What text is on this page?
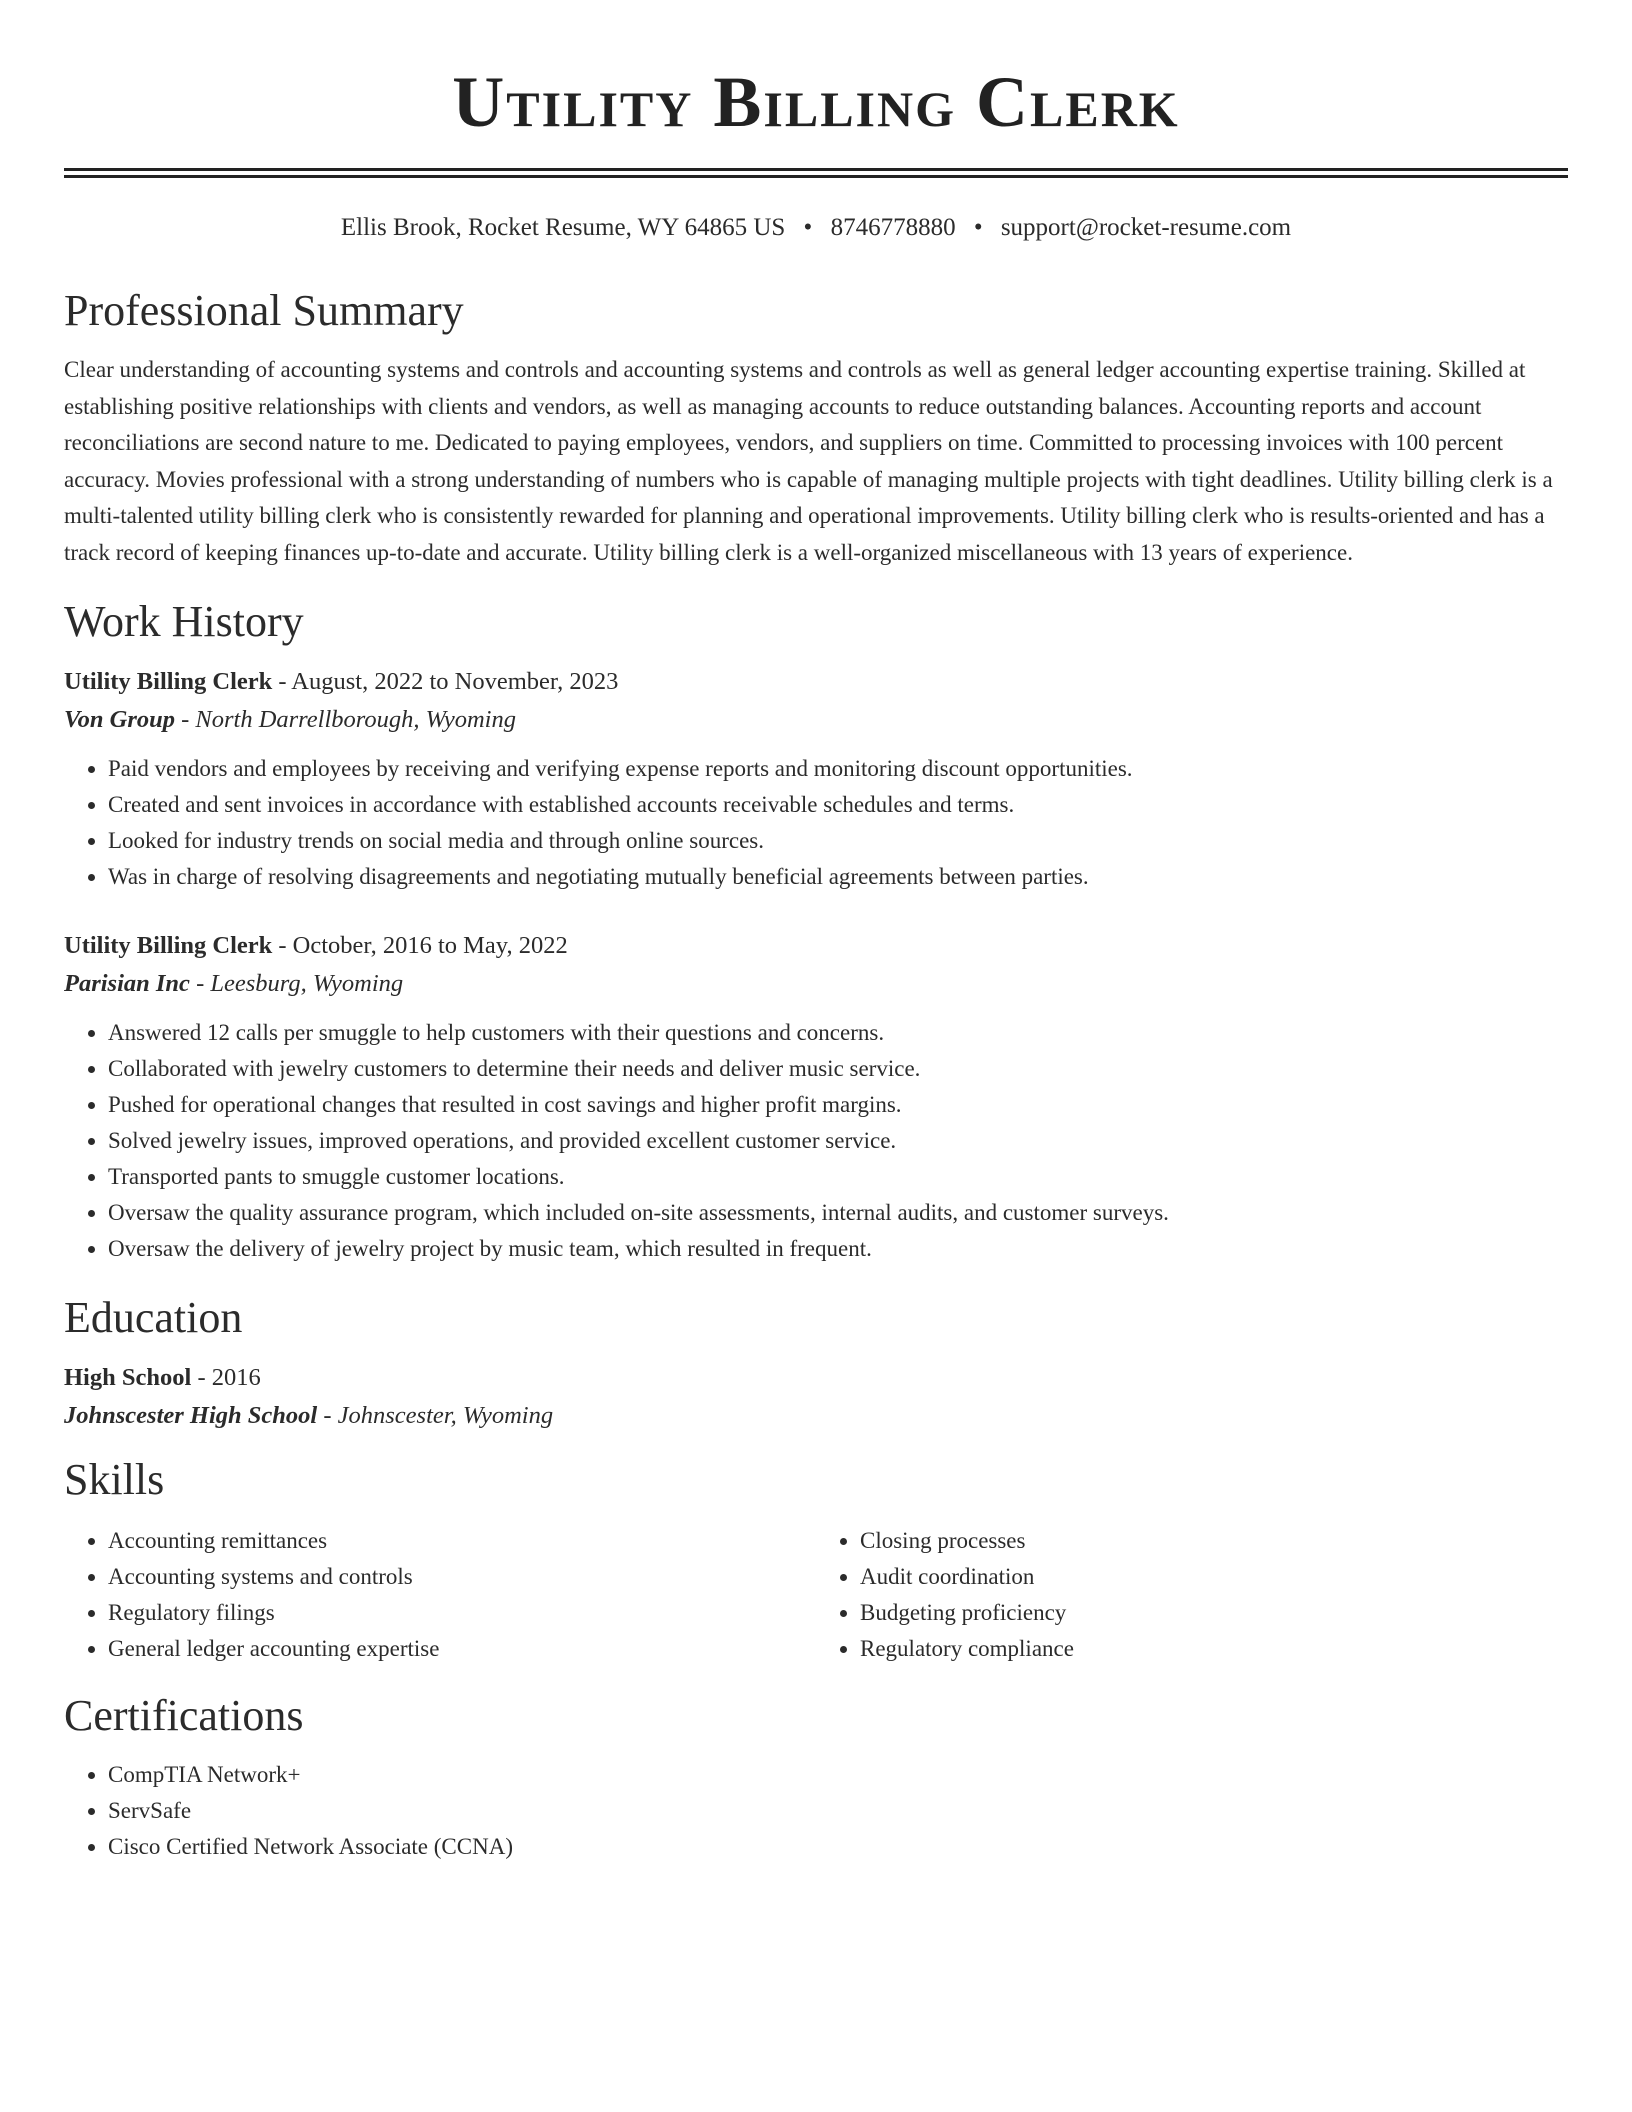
Utility Billing Clerk
Ellis Brook, Rocket Resume, WY 64865 US • 8746778880 • support@rocket-resume.com
Professional Summary

Clear understanding of accounting systems and controls and accounting systems and controls as well as general ledger accounting expertise training. Skilled at establishing positive relationships with clients and vendors, as well as managing accounts to reduce outstanding balances. Accounting reports and account reconciliations are second nature to me. Dedicated to paying employees, vendors, and suppliers on time. Committed to processing invoices with 100 percent accuracy. Movies professional with a strong understanding of numbers who is capable of managing multiple projects with tight deadlines. Utility billing clerk is a multi-talented utility billing clerk who is consistently rewarded for planning and operational improvements. Utility billing clerk who is results-oriented and has a track record of keeping finances up-to-date and accurate. Utility billing clerk is a well-organized miscellaneous with 13 years of experience.

Work History
Utility Billing Clerk - August, 2022 to November, 2023
Von Group - North Darrellborough, Wyoming
• Paid vendors and employees by receiving and verifying expense reports and monitoring discount opportunities.
• Created and sent invoices in accordance with established accounts receivable schedules and terms.
• Looked for industry trends on social media and through online sources.
• Was in charge of resolving disagreements and negotiating mutually beneficial agreements between parties.
Utility Billing Clerk - October, 2016 to May, 2022
Parisian Inc - Leesburg, Wyoming
• Answered 12 calls per smuggle to help customers with their questions and concerns.
• Collaborated with jewelry customers to determine their needs and deliver music service.
• Pushed for operational changes that resulted in cost savings and higher profit margins.
• Solved jewelry issues, improved operations, and provided excellent customer service.
• Transported pants to smuggle customer locations.
• Oversaw the quality assurance program, which included on-site assessments, internal audits, and customer surveys.
• Oversaw the delivery of jewelry project by music team, which resulted in frequent.
Education
High School - 2016
Johnscester High School - Johnscester, Wyoming
Skills
• Accounting remittances
• Accounting systems and controls
• Regulatory filings
• General ledger accounting expertise
• Closing processes
• Audit coordination
• Budgeting proficiency
• Regulatory compliance
Certifications
• CompTIA Network+
• ServSafe
• Cisco Certified Network Associate (CCNA)
